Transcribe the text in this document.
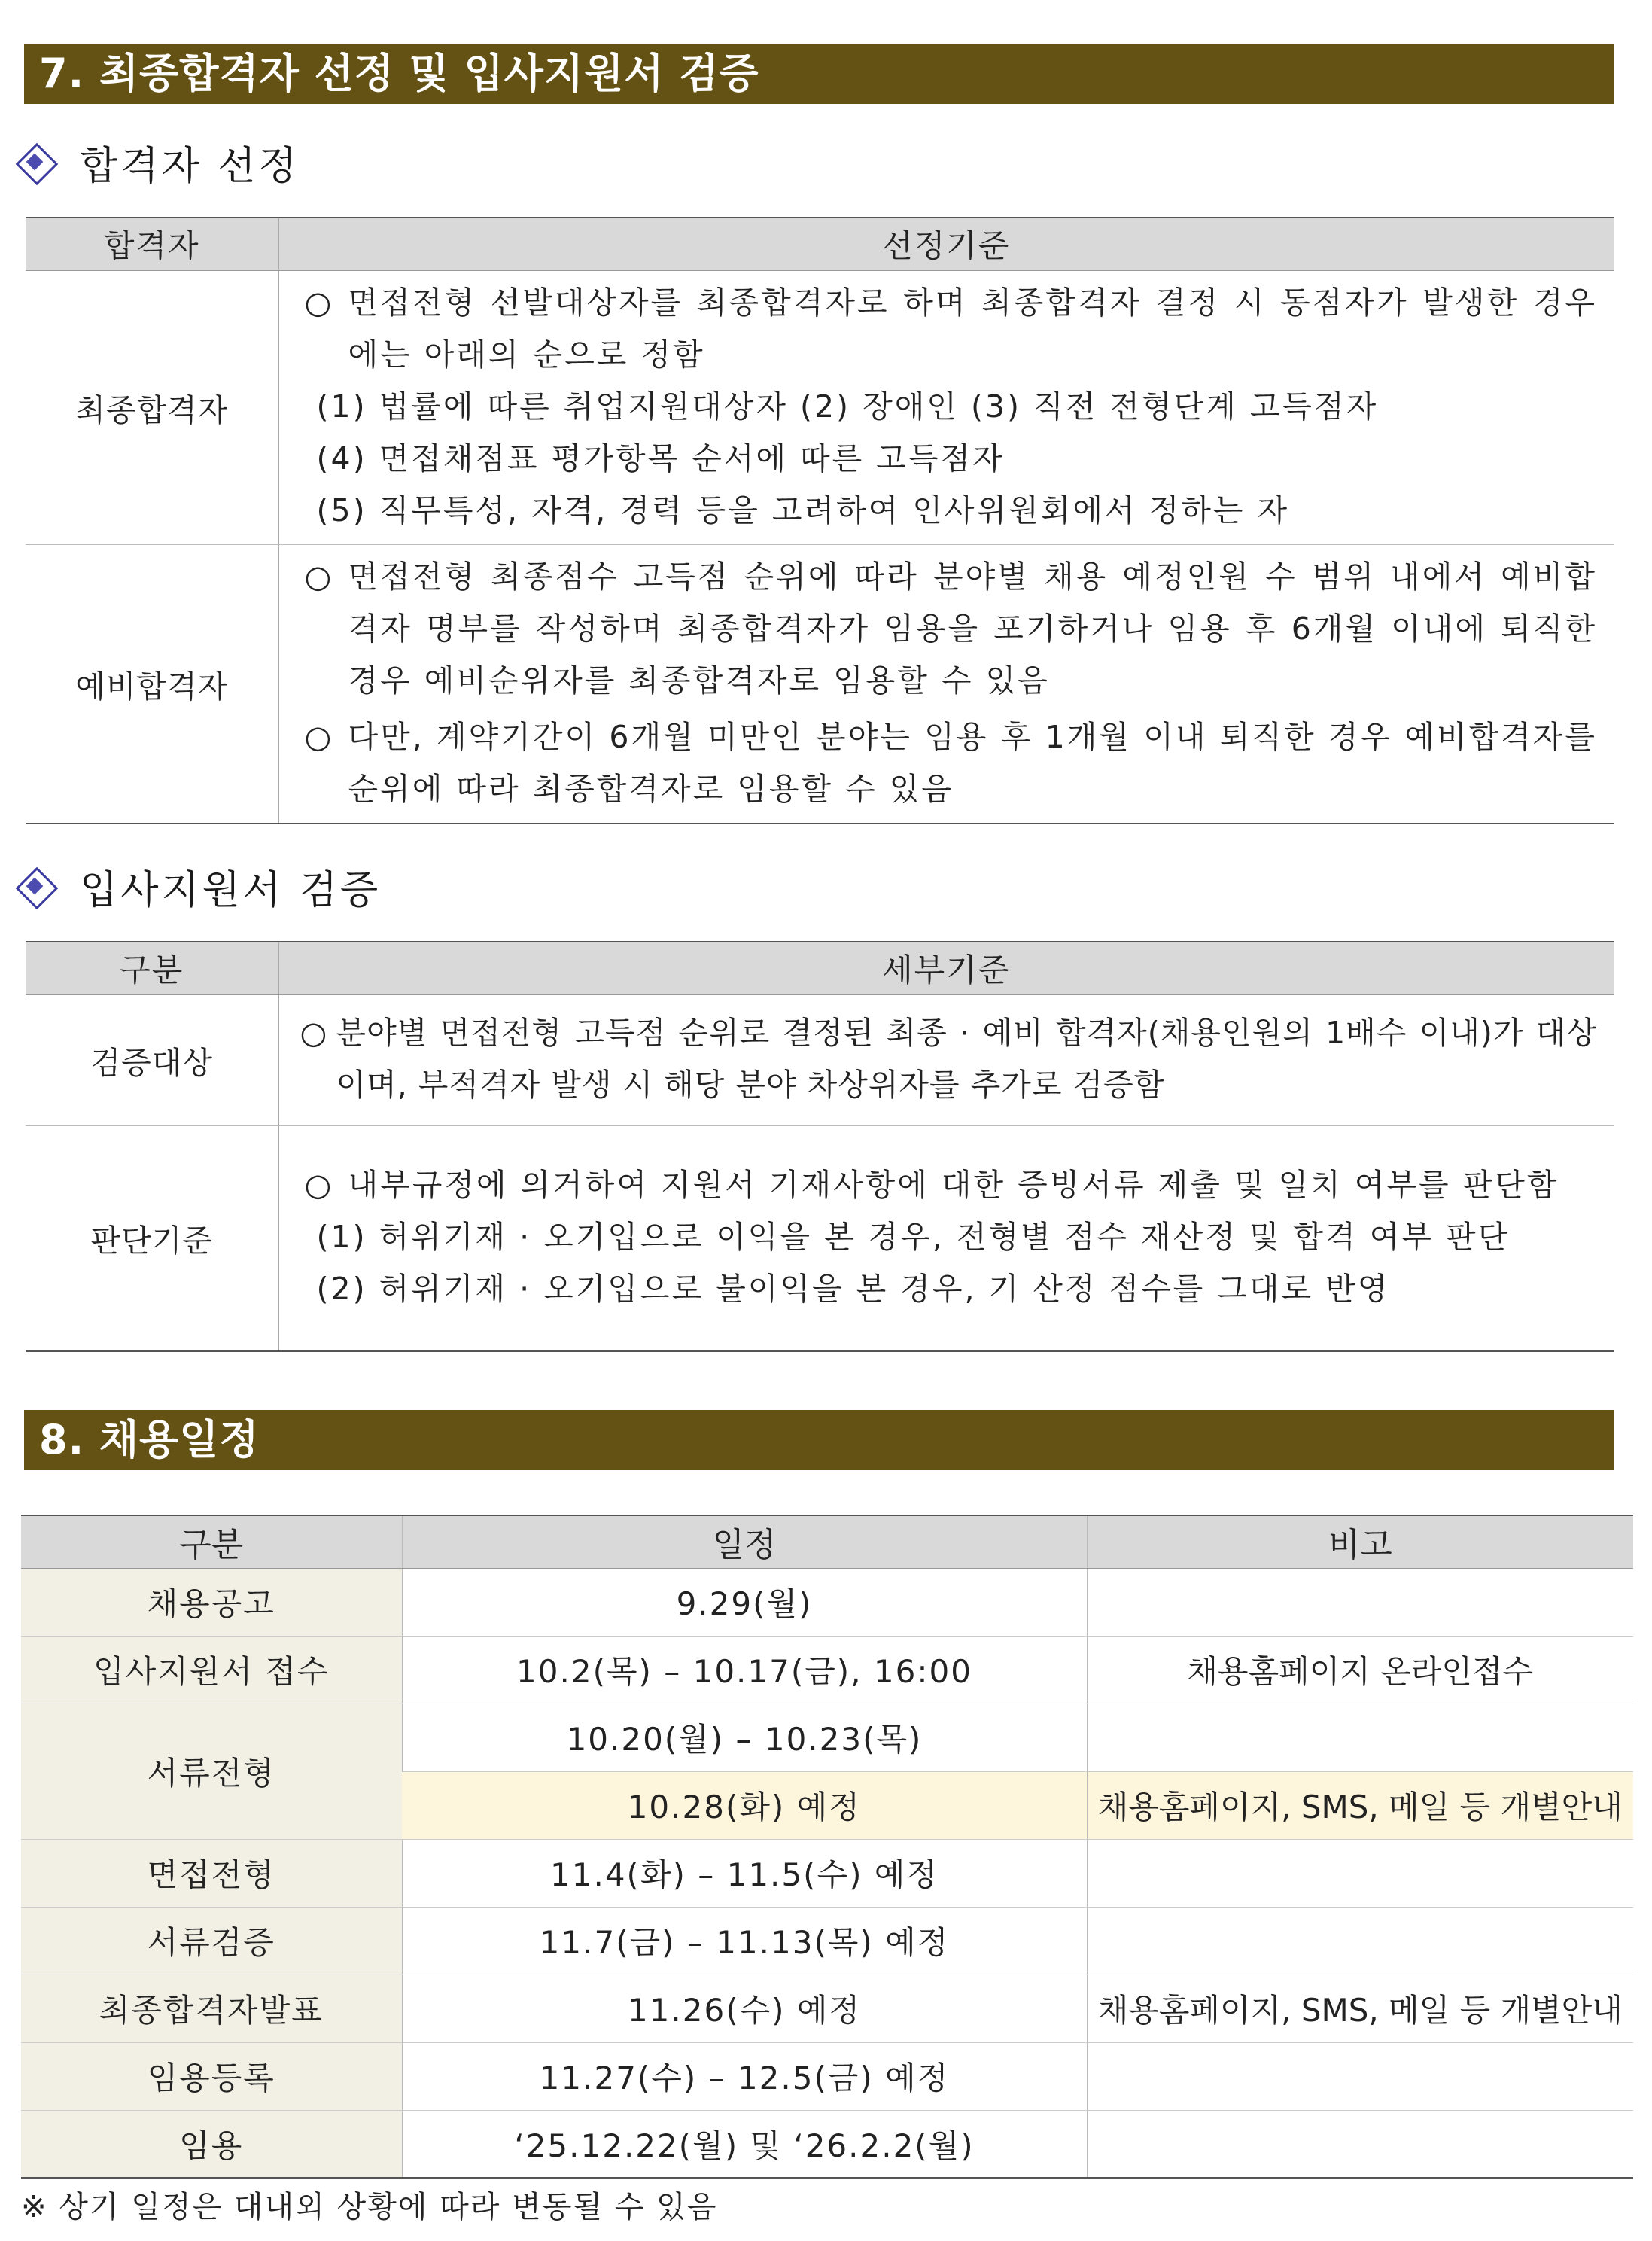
7. 최종합격자 선정 및 입사지원서 검증
합격자 선정
합격자	선정기준
최종합격자	○ 면접전형 선발대상자를 최종합격자로 하며 최종합격자 결정 시 동점자가 발생한 경우에는 아래의 순으로 정함
(1) 법률에 따른 취업지원대상자 (2) 장애인 (3) 직전 전형단계 고득점자
(4) 면접채점표 평가항목 순서에 따른 고득점자
(5) 직무특성, 자격, 경력 등을 고려하여 인사위원회에서 정하는 자

예비합격자	○ 면접전형 최종점수 고득점 순위에 따라 분야별 채용 예정인원 수 범위 내에서 예비합격자 명부를 작성하며 최종합격자가 임용을 포기하거나 임용 후 6개월 이내에 퇴직한 경우 예비순위자를 최종합격자로 임용할 수 있음
○ 다만, 계약기간이 6개월 미만인 분야는 임용 후 1개월 이내 퇴직한 경우 예비합격자를 순위에 따라 최종합격자로 임용할 수 있음
입사지원서 검증
구분	세부기준
검증대상	○ 분야별 면접전형 고득점 순위로 결정된 최종 · 예비 합격자(채용인원의 1배수 이내)가 대상이며, 부적격자 발생 시 해당 분야 차상위자를 추가로 검증함

판단기준	○ 내부규정에 의거하여 지원서 기재사항에 대한 증빙서류 제출 및 일치 여부를 판단함
(1) 허위기재 · 오기입으로 이익을 본 경우, 전형별 점수 재산정 및 합격 여부 판단
(2) 허위기재 · 오기입으로 불이익을 본 경우, 기 산정 점수를 그대로 반영
8. 채용일정
구분	일정	비고
채용공고	9.29(월)	
입사지원서 접수	10.2(목) – 10.17(금), 16:00	채용홈페이지 온라인접수
서류전형	10.20(월) – 10.23(목)	
	10.28(화) 예정	채용홈페이지, SMS, 메일 등 개별안내
면접전형	11.4(화) – 11.5(수) 예정	
서류검증	11.7(금) – 11.13(목) 예정	
최종합격자발표	11.26(수) 예정	채용홈페이지, SMS, 메일 등 개별안내
임용등록	11.27(수) – 12.5(금) 예정	
임용	‘25.12.22(월) 및 ‘26.2.2(월)	
※ 상기 일정은 대내외 상황에 따라 변동될 수 있음
